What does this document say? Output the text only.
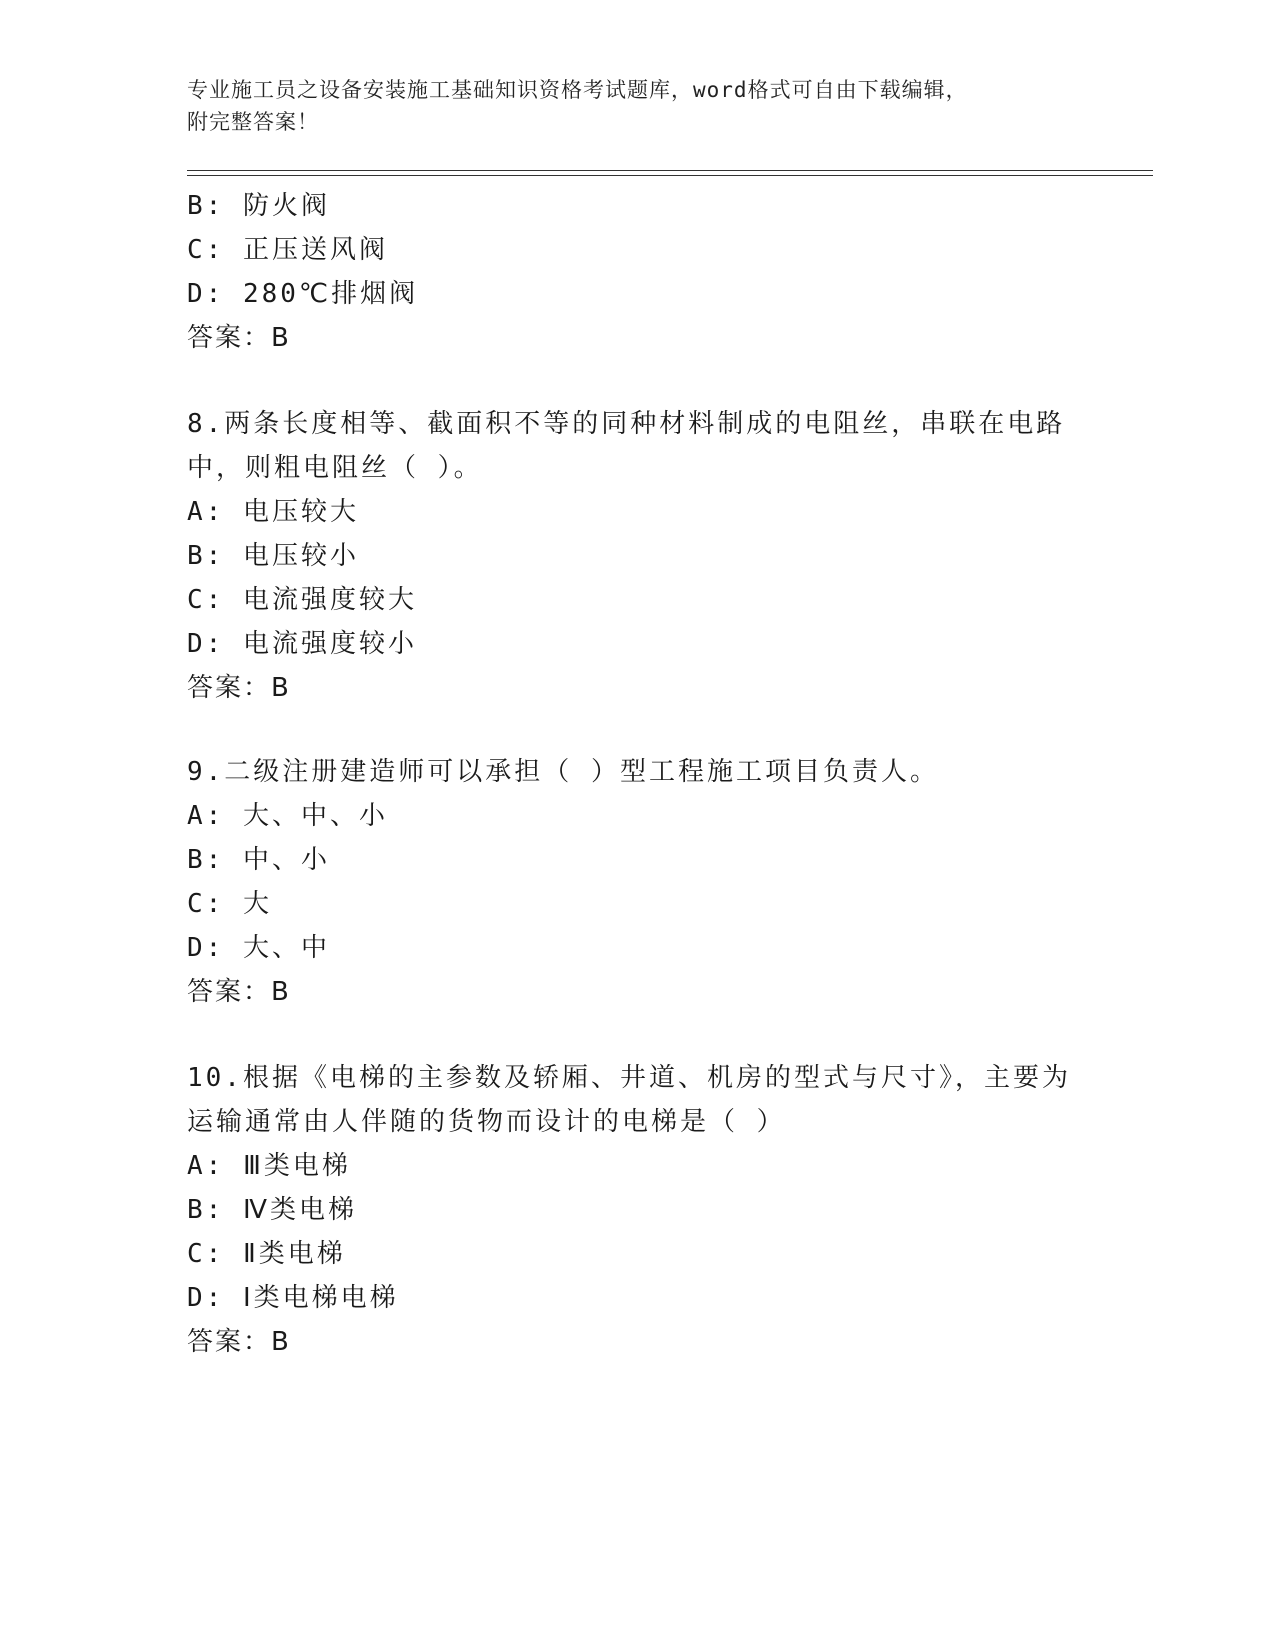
专业施工员之设备安装施工基础知识资格考试题库，word格式可自由下载编辑，
附完整答案！
B: 防火阀
C: 正压送风阀
D: 280℃排烟阀
答案：B
8.两条长度相等、截面积不等的同种材料制成的电阻丝，串联在电路
中，则粗电阻丝（ ）。
A: 电压较大
B: 电压较小
C: 电流强度较大
D: 电流强度较小
答案：B
9.二级注册建造师可以承担（ ）型工程施工项目负责人。
A: 大、中、小
B: 中、小
C: 大
D: 大、中
答案：B
10.根据《电梯的主参数及轿厢、井道、机房的型式与尺寸》，主要为
运输通常由人伴随的货物而设计的电梯是（ ）
A: Ⅲ类电梯
B: Ⅳ类电梯
C: Ⅱ类电梯
D: Ⅰ类电梯电梯
答案：B
